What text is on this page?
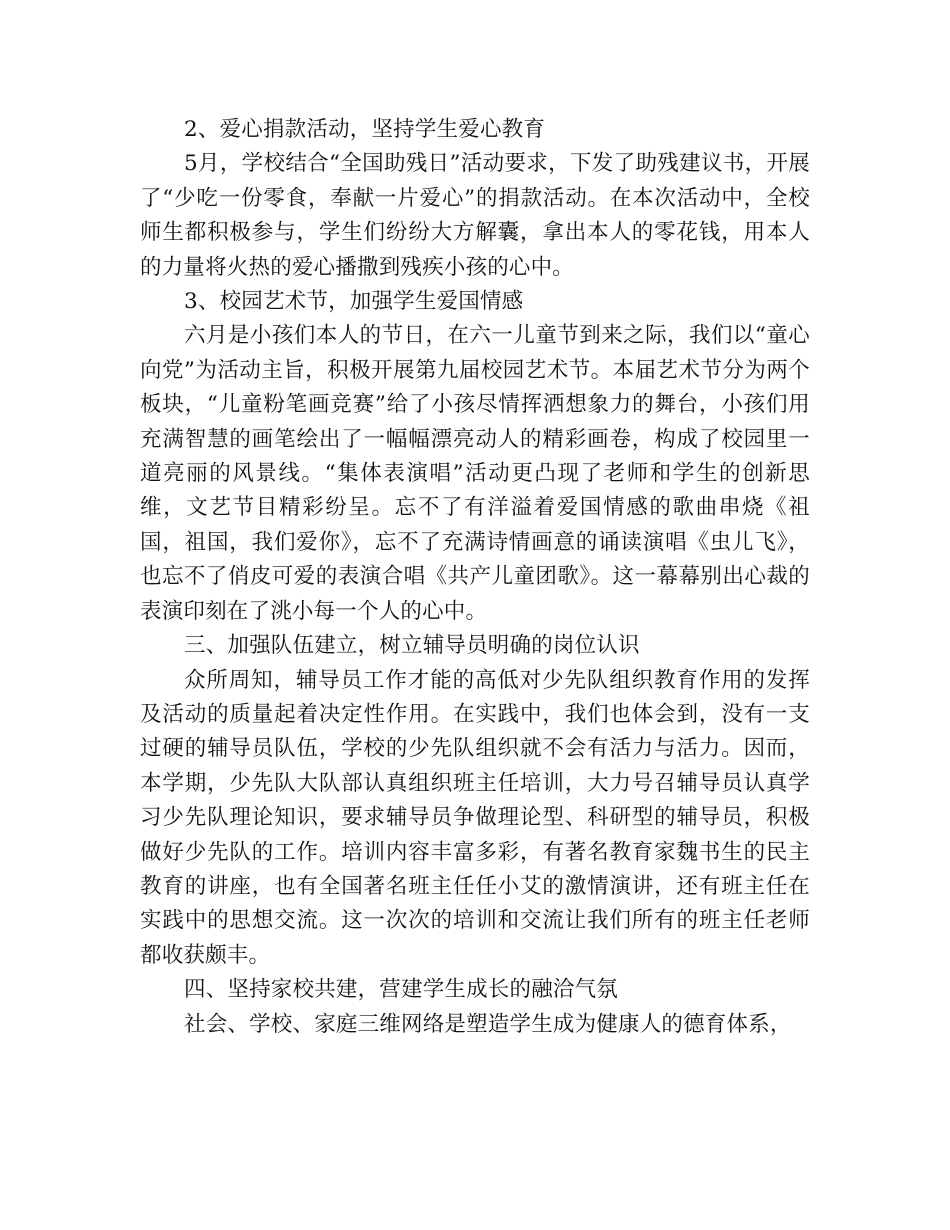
2、爱心捐款活动，坚持学生爱心教育

5月，学校结合“全国助残日”活动要求，下发了助残建议书，开展了“少吃一份零食，奉献一片爱心”的捐款活动。在本次活动中，全校师生都积极参与，学生们纷纷大方解囊，拿出本人的零花钱，用本人的力量将火热的爱心播撒到残疾小孩的心中。

3、校园艺术节，加强学生爱国情感

六月是小孩们本人的节日，在六一儿童节到来之际，我们以“童心向党”为活动主旨，积极开展第九届校园艺术节。本届艺术节分为两个板块，“儿童粉笔画竞赛”给了小孩尽情挥洒想象力的舞台，小孩们用充满智慧的画笔绘出了一幅幅漂亮动人的精彩画卷，构成了校园里一道亮丽的风景线。“集体表演唱”活动更凸现了老师和学生的创新思维，文艺节目精彩纷呈。忘不了有洋溢着爱国情感的歌曲串烧《祖国，祖国，我们爱你》，忘不了充满诗情画意的诵读演唱《虫儿飞》，也忘不了俏皮可爱的表演合唱《共产儿童团歌》。这一幕幕别出心裁的表演印刻在了洮小每一个人的心中。

三、加强队伍建立，树立辅导员明确的岗位认识

众所周知，辅导员工作才能的高低对少先队组织教育作用的发挥及活动的质量起着决定性作用。在实践中，我们也体会到，没有一支过硬的辅导员队伍，学校的少先队组织就不会有活力与活力。因而，本学期，少先队大队部认真组织班主任培训，大力号召辅导员认真学习少先队理论知识，要求辅导员争做理论型、科研型的辅导员，积极做好少先队的工作。培训内容丰富多彩，有著名教育家魏书生的民主教育的讲座，也有全国著名班主任任小艾的激情演讲，还有班主任在实践中的思想交流。这一次次的培训和交流让我们所有的班主任老师都收获颇丰。

四、坚持家校共建，营建学生成长的融洽气氛

社会、学校、家庭三维网络是塑造学生成为健康人的德育体系，
